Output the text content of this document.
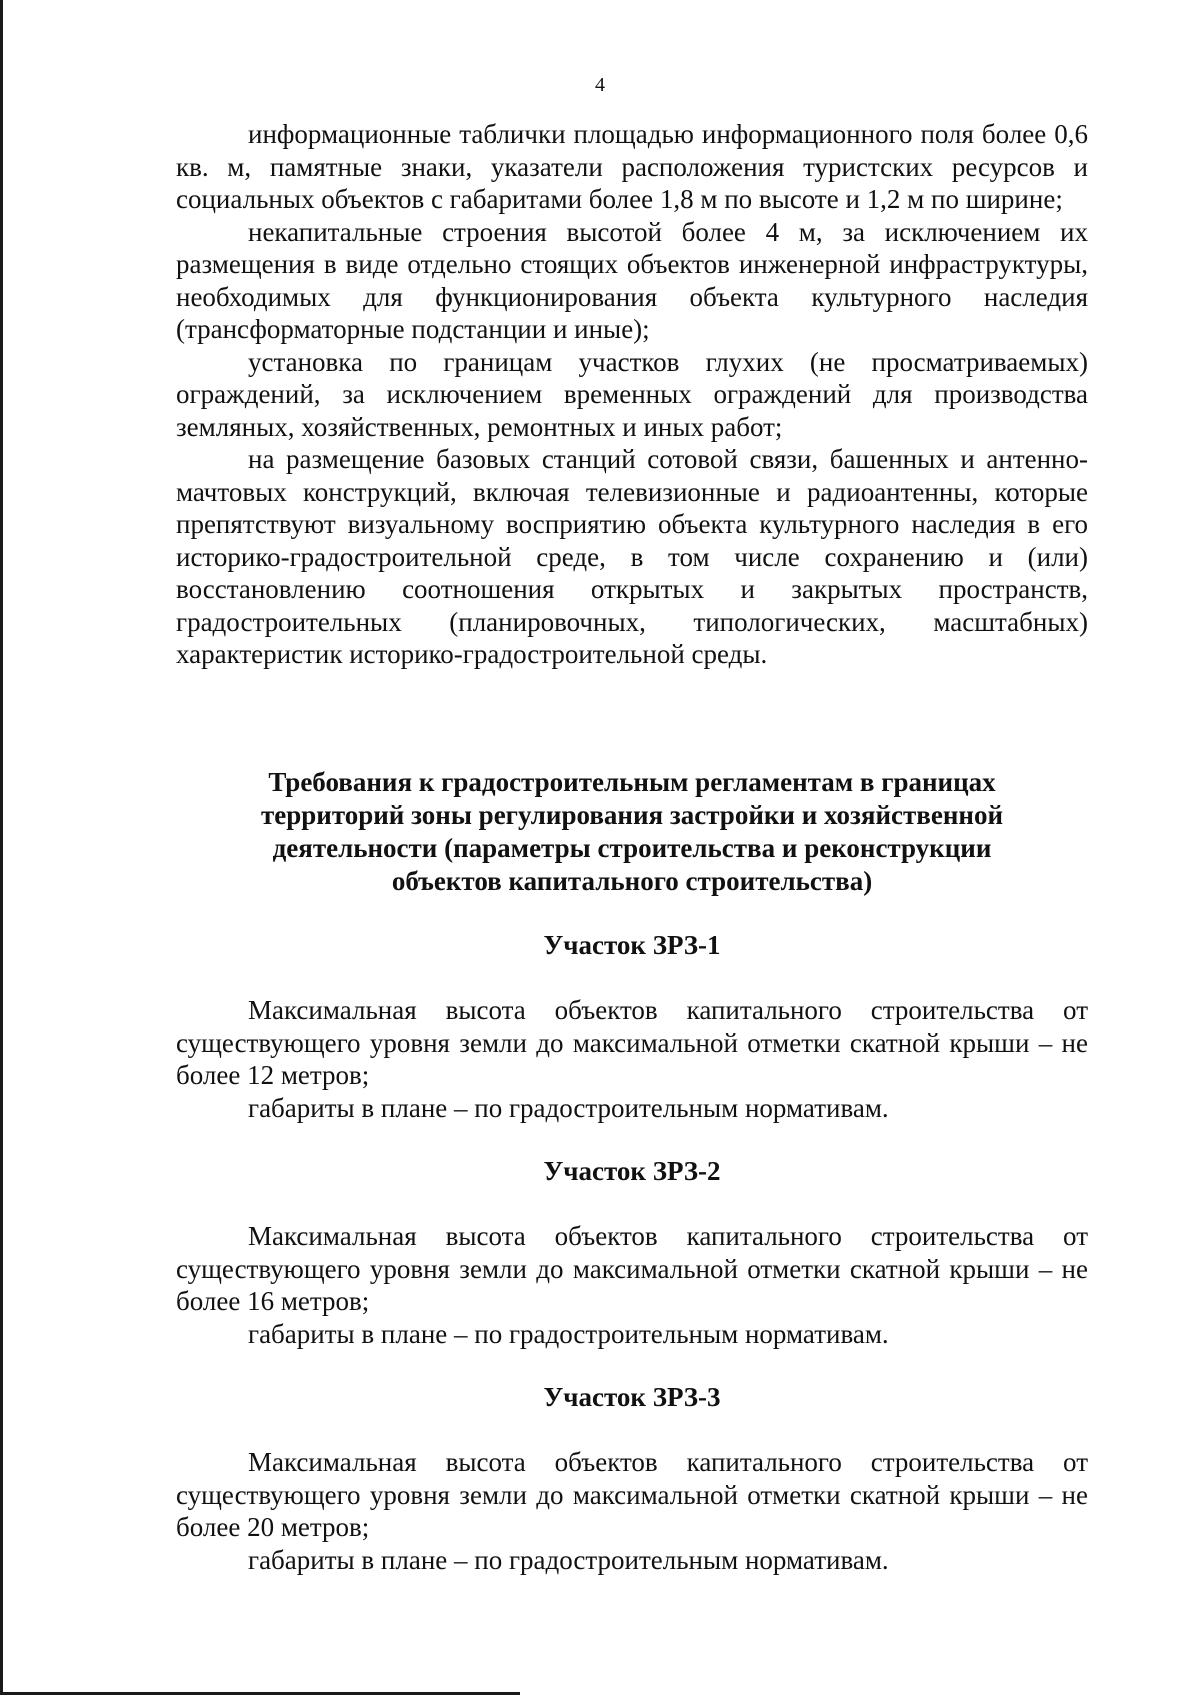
4

информационные таблички площадью информационного поля более 0,6 кв. м, памятные знаки, указатели расположения туристских ресурсов и социальных объектов с габаритами более 1,8 м по высоте и 1,2 м по ширине;

некапитальные строения высотой более 4 м, за исключением их размещения в виде отдельно стоящих объектов инженерной инфраструктуры, необходимых для функционирования объекта культурного наследия (трансформаторные подстанции и иные);

установка по границам участков глухих (не просматриваемых) ограждений, за исключением временных ограждений для производства земляных, хозяйственных, ремонтных и иных работ;

на размещение базовых станций сотовой связи, башенных и антенно-мачтовых конструкций, включая телевизионные и радиоантенны, которые препятствуют визуальному восприятию объекта культурного наследия в его историко-градостроительной среде, в том числе сохранению и (или) восстановлению соотношения открытых и закрытых пространств, градостроительных (планировочных, типологических, масштабных) характеристик историко-градостроительной среды.

Требования к градостроительным регламентам в границах
территорий зоны регулирования застройки и хозяйственной
деятельности (параметры строительства и реконструкции
объектов капитального строительства)
Участок ЗРЗ-1

Максимальная высота объектов капитального строительства от существующего уровня земли до максимальной отметки скатной крыши – не более 12 метров;

габариты в плане – по градостроительным нормативам.

Участок ЗРЗ-2

Максимальная высота объектов капитального строительства от существующего уровня земли до максимальной отметки скатной крыши – не более 16 метров;

габариты в плане – по градостроительным нормативам.

Участок ЗРЗ-3

Максимальная высота объектов капитального строительства от существующего уровня земли до максимальной отметки скатной крыши – не более 20 метров;

габариты в плане – по градостроительным нормативам.
